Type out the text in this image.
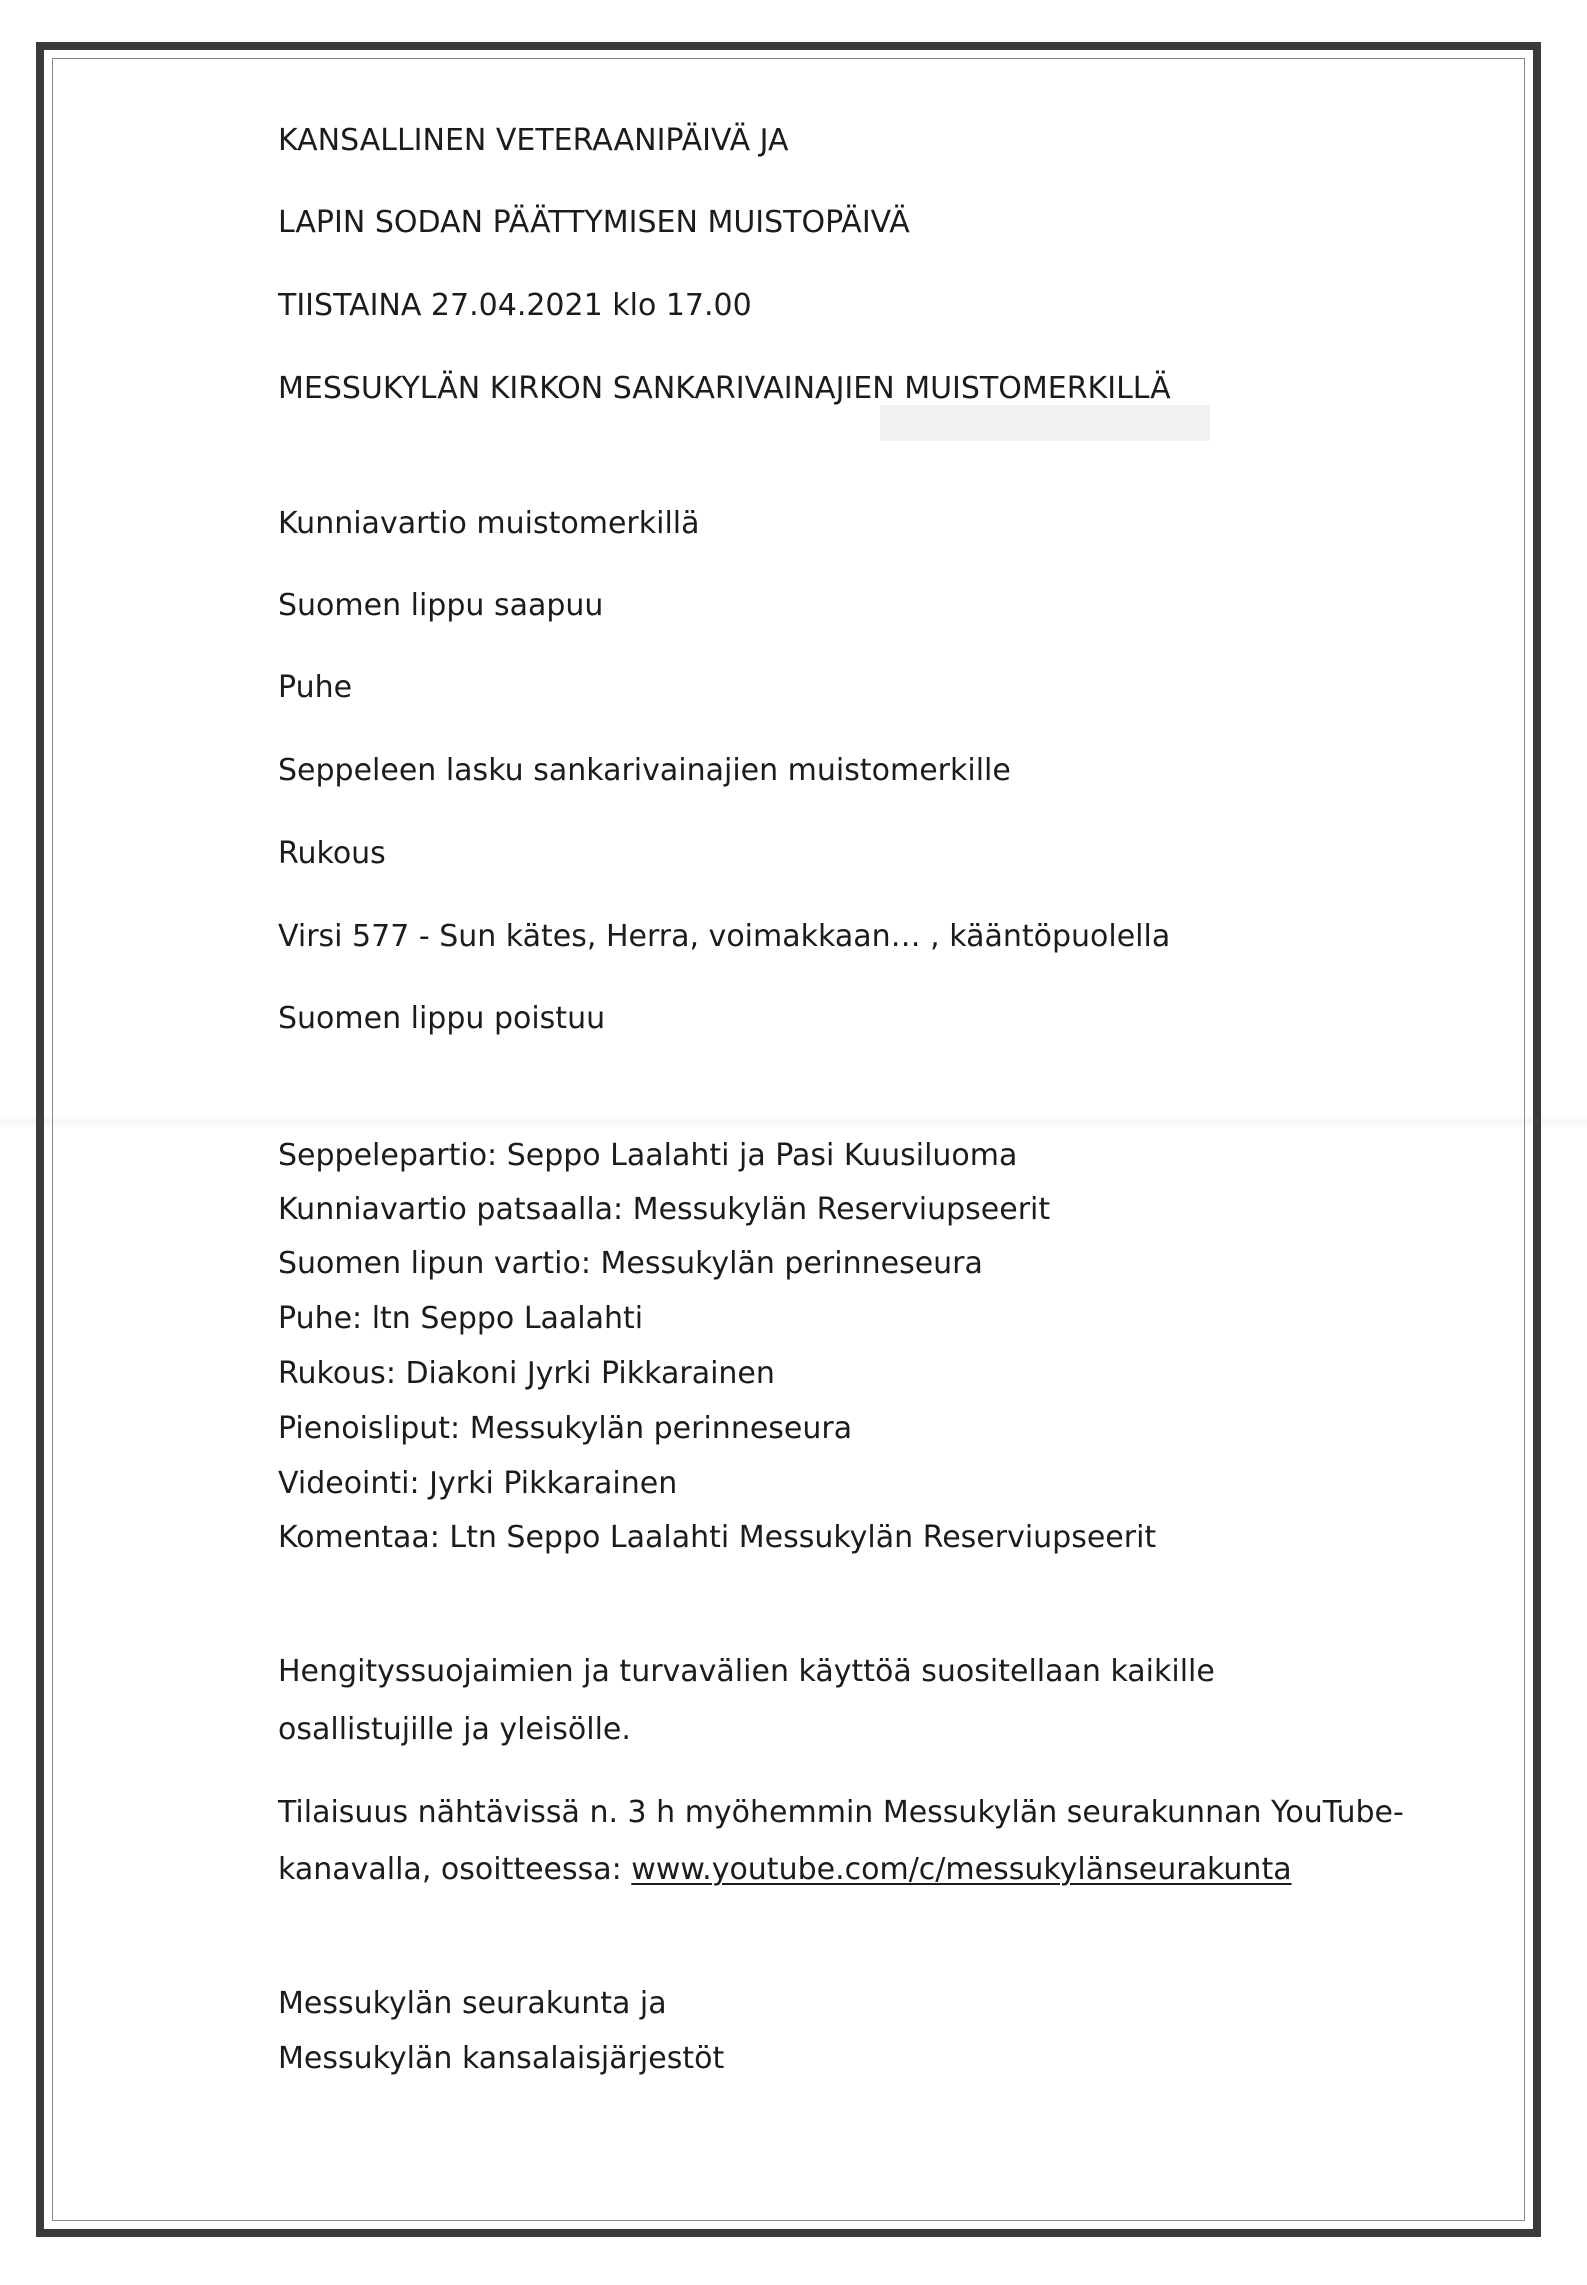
KANSALLINEN VETERAANIPÄIVÄ JA

LAPIN SODAN PÄÄTTYMISEN MUISTOPÄIVÄ

TIISTAINA 27.04.2021 klo 17.00

MESSUKYLÄN KIRKON SANKARIVAINAJIEN MUISTOMERKILLÄ

Kunniavartio muistomerkillä

Suomen lippu saapuu

Puhe

Seppeleen lasku sankarivainajien muistomerkille

Rukous

Virsi 577 - Sun kätes, Herra, voimakkaan… , kääntöpuolella

Suomen lippu poistuu

Seppelepartio: Seppo Laalahti ja Pasi Kuusiluoma

Kunniavartio patsaalla: Messukylän Reserviupseerit

Suomen lipun vartio: Messukylän perinneseura

Puhe: ltn Seppo Laalahti

Rukous: Diakoni Jyrki Pikkarainen

Pienoisliput: Messukylän perinneseura

Videointi: Jyrki Pikkarainen

Komentaa: Ltn Seppo Laalahti Messukylän Reserviupseerit

Hengityssuojaimien ja turvavälien käyttöä suositellaan kaikille

osallistujille ja yleisölle.

Tilaisuus nähtävissä n. 3 h myöhemmin Messukylän seurakunnan YouTube-

kanavalla, osoitteessa: www.youtube.com/c/messukylänseurakunta

Messukylän seurakunta ja

Messukylän kansalaisjärjestöt
